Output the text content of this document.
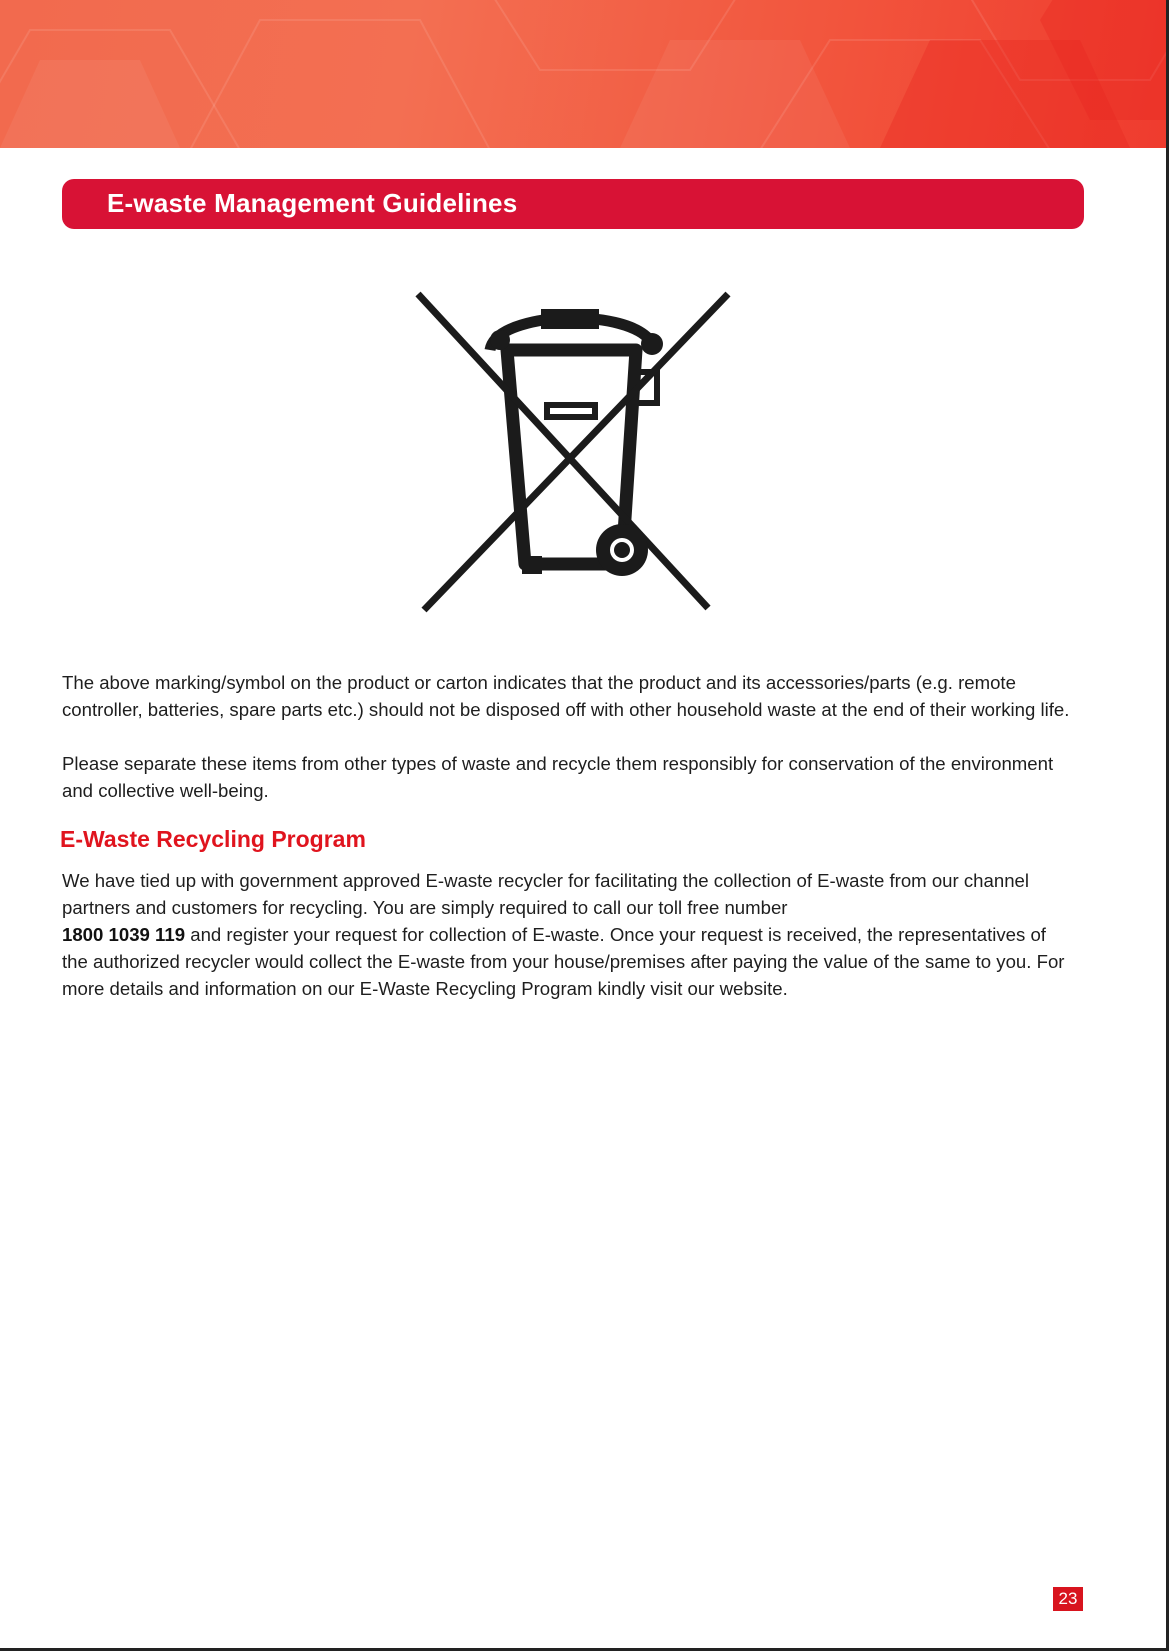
E-waste Management Guidelines

The above marking/symbol on the product or carton indicates that the product and its accessories/parts (e.g. remote controller, batteries, spare parts etc.) should not be disposed off with other household waste at the end of their working life.

Please separate these items from other types of waste and recycle them responsibly for conservation of the environment and collective well-being.

E-Waste Recycling Program

We have tied up with government approved E-waste recycler for facilitating the collection of E-waste from our channel partners and customers for recycling. You are simply required to call our toll free number
1800 1039 119 and register your request for collection of E-waste. Once your request is received, the representatives of the authorized recycler would collect the E-waste from your house/premises after paying the value of the same to you. For more details and information on our E-Waste Recycling Program kindly visit our website.

23
